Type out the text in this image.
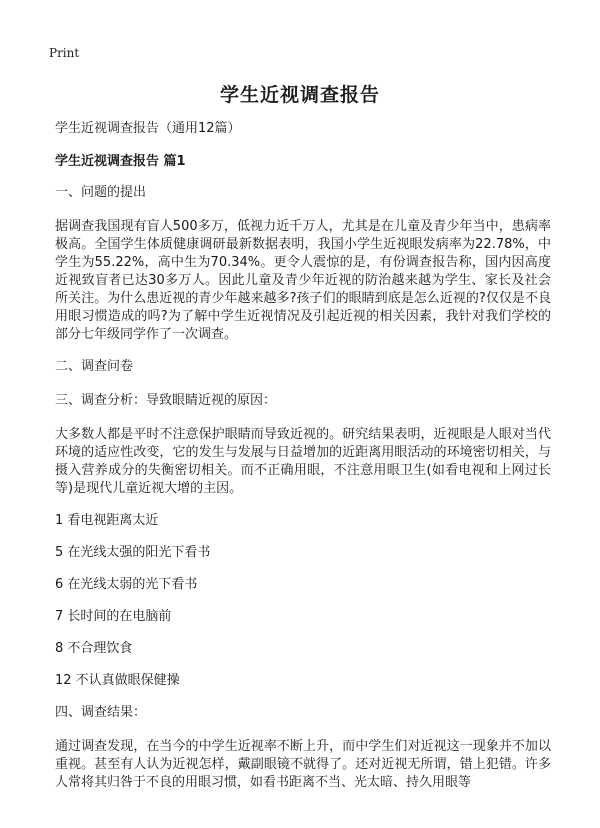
Print
学生近视调查报告

学生近视调查报告（通用12篇）

学生近视调查报告 篇1

一、问题的提出

据调查我国现有盲人500多万，低视力近千万人，尤其是在儿童及青少年当中，患病率极高。全国学生体质健康调研最新数据表明，我国小学生近视眼发病率为22.78%，中学生为55.22%，高中生为70.34%。更令人震惊的是，有份调查报告称，国内因高度近视致盲者已达30多万人。因此儿童及青少年近视的防治越来越为学生、家长及社会所关注。为什么患近视的青少年越来越多?孩子们的眼睛到底是怎么近视的?仅仅是不良用眼习惯造成的吗?为了解中学生近视情况及引起近视的相关因素，我针对我们学校的部分七年级同学作了一次调查。

二、调查问卷

三、调查分析：导致眼睛近视的原因：

大多数人都是平时不注意保护眼睛而导致近视的。研究结果表明，近视眼是人眼对当代环境的适应性改变，它的发生与发展与日益增加的近距离用眼活动的环境密切相关，与摄入营养成分的失衡密切相关。而不正确用眼，不注意用眼卫生(如看电视和上网过长等)是现代儿童近视大增的主因。

1 看电视距离太近

5 在光线太强的阳光下看书

6 在光线太弱的光下看书

7 长时间的在电脑前

8 不合理饮食

12 不认真做眼保健操

四、调查结果：

通过调查发现，在当今的中学生近视率不断上升，而中学生们对近视这一现象并不加以重视。甚至有人认为近视怎样，戴副眼镜不就得了。还对近视无所谓，错上犯错。许多人常将其归咎于不良的用眼习惯，如看书距离不当、光太暗、持久用眼等
